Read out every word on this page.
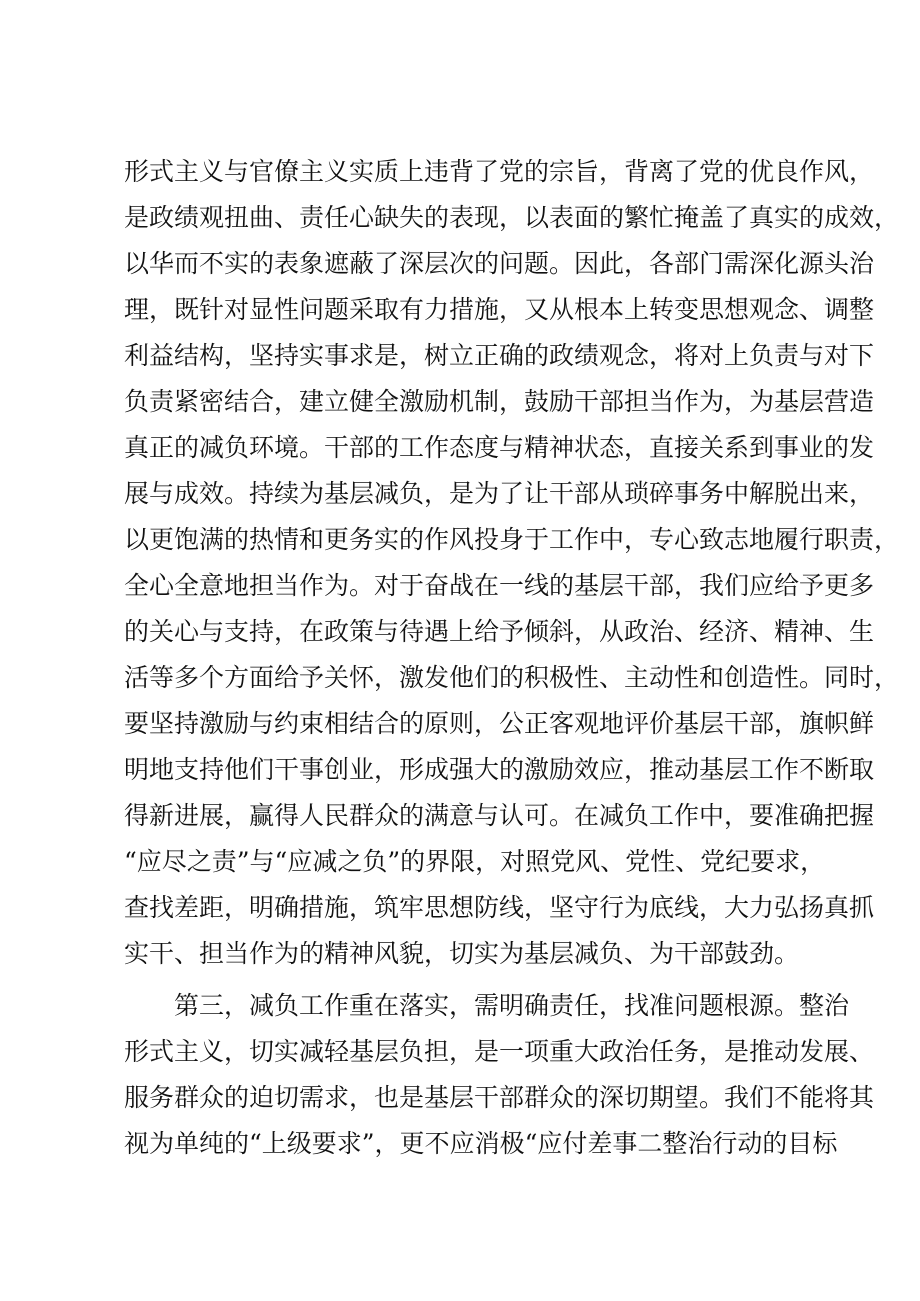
形式主义与官僚主义实质上违背了党的宗旨，背离了党的优良作风，
是政绩观扭曲、责任心缺失的表现，以表面的繁忙掩盖了真实的成效，
以华而不实的表象遮蔽了深层次的问题。因此，各部门需深化源头治
理，既针对显性问题采取有力措施，又从根本上转变思想观念、调整
利益结构，坚持实事求是，树立正确的政绩观念，将对上负责与对下
负责紧密结合，建立健全激励机制，鼓励干部担当作为，为基层营造
真正的减负环境。干部的工作态度与精神状态，直接关系到事业的发
展与成效。持续为基层减负，是为了让干部从琐碎事务中解脱出来，
以更饱满的热情和更务实的作风投身于工作中，专心致志地履行职责，
全心全意地担当作为。对于奋战在一线的基层干部，我们应给予更多
的关心与支持，在政策与待遇上给予倾斜，从政治、经济、精神、生
活等多个方面给予关怀，激发他们的积极性、主动性和创造性。同时，
要坚持激励与约束相结合的原则，公正客观地评价基层干部，旗帜鲜
明地支持他们干事创业，形成强大的激励效应，推动基层工作不断取
得新进展，赢得人民群众的满意与认可。在减负工作中，要准确把握
“应尽之责”与“应减之负”的界限，对照党风、党性、党纪要求，
查找差距，明确措施，筑牢思想防线，坚守行为底线，大力弘扬真抓
实干、担当作为的精神风貌，切实为基层减负、为干部鼓劲。
第三，减负工作重在落实，需明确责任，找准问题根源。整治
形式主义，切实减轻基层负担，是一项重大政治任务，是推动发展、
服务群众的迫切需求，也是基层干部群众的深切期望。我们不能将其
视为单纯的“上级要求”，更不应消极“应付差事二整治行动的目标
